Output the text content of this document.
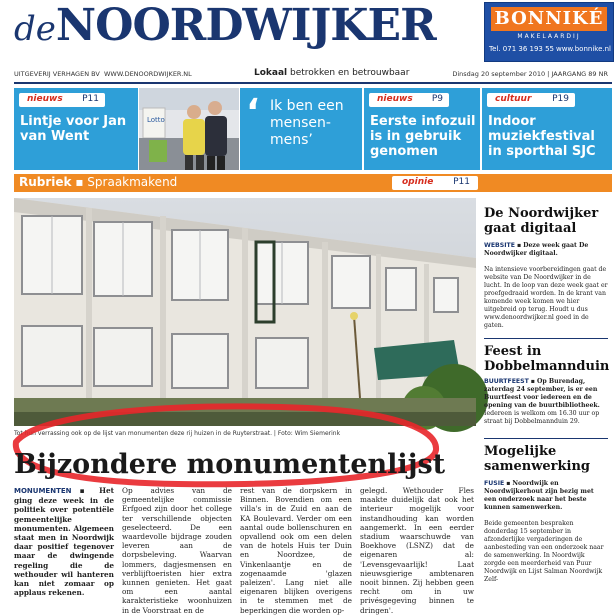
deNOORDWIJKER	BONNIKÉ
MAKELAARDIJ
Tel. 071 36 193 55 www.bonnike.nl
UITGEVERIJ VERHAGEN BV WWW.DENOORDWIJKER.NL	Lokaal betrokken en betrouwbaar	Dinsdag 20 september 2010 | JAARGANG 89 NR
nieuws P11
Lintje voor Jan van Went
Lotto ‘ Ik ben een mensen-mens’
nieuws P9
Eerste infozuil is in gebruik genomen
cultuur P19
Indoor muziekfestival in sporthal SJC
Rubriek ▪ Spraakmakend	opinie P11
Tot hun verrassing ook op de lijst van monumenten deze rij huizen in de Ruyterstraat. | Foto: Wim Siemerink
Bijzondere monumentenlijst
MONUMENTEN ▪ Het ging deze week in de politiek over potentiële gemeentelijke monumenten. Algemeen staat men in Noordwijk daar positief tegenover maar de dwingende regeling die de wethouder wil hanteren kan niet zomaar op applaus rekenen.
Op advies van de gemeentelijke commissie Erfgoed zijn door het college ter verschillende objecten geselecteerd. De een waardevolle bijdrage zouden leveren aan de dorpsbeleving. Waarvan lommers, dagjesmensen en verblijftoeristen hier extra kunnen genieten. Het gaat om een aantal karakteristieke woonhuizen in de Voorstraat en de
rest van de dorpskern in Binnen. Bovendien om een villa's in de Zuid en aan de KA Boulevard. Verder om een aantal oude bollenschuren en opvallend ook om een delen van de hotels Huis ter Duin en Noordzee, de Vinkenlaantje en de zogenaamde 'glazen paleizen'. Lang niet alle eigenaren blijken overigens in te stemmen met de beperkingen die worden op-
gelegd. Wethouder Fles maakte duidelijk dat ook het interieur mogelijk voor instandhouding kan worden aangemerkt. In een eerder stadium waarschuwde van Boekhove (LSNZ) dat de eigenaren al: 'Levensgevaarlijk! Laat nieuwsgierige ambtenaren nooit binnen. Zij hebben geen recht om in uw privésgegeving binnen te dringen'.
De Noordwijker gaat digitaal
WEBSITE ▪ Deze week gaat De Noordwijker digitaal.

Na intensieve voorbereidingen gaat de website van De Noordwijker in de lucht. In de loop van deze week gaat er proefgedraaid worden. In de krant van komende week komen we hier uitgebreid op terug. Houdt u dus www.denoordwijker.nl goed in de gaten.
Feest in Dobbelmannduin
BUURTFEEST ▪ Op Burendag, zaterdag 24 september, is er een Buurtfeest voor iedereen en de opening van de buurtbibliotheek. Iedereen is welkom om 16.30 uur op straat bij Dobbelmannduin 29.
Mogelijke samenwerking
FUSIE ▪ Noordwijk en Noordwijkerhout zijn bezig met een onderzoek naar het beste kunnen samenwerken.

Beide gemeenten bespraken donderdag 15 september in afzonderlijke vergaderingen de aanbesteding van een onderzoek naar de samenwerking. In Noordwijk zorgde een meerderheid van Puur Noordwijk en Lijst Salman Noordwijk Zelf-
